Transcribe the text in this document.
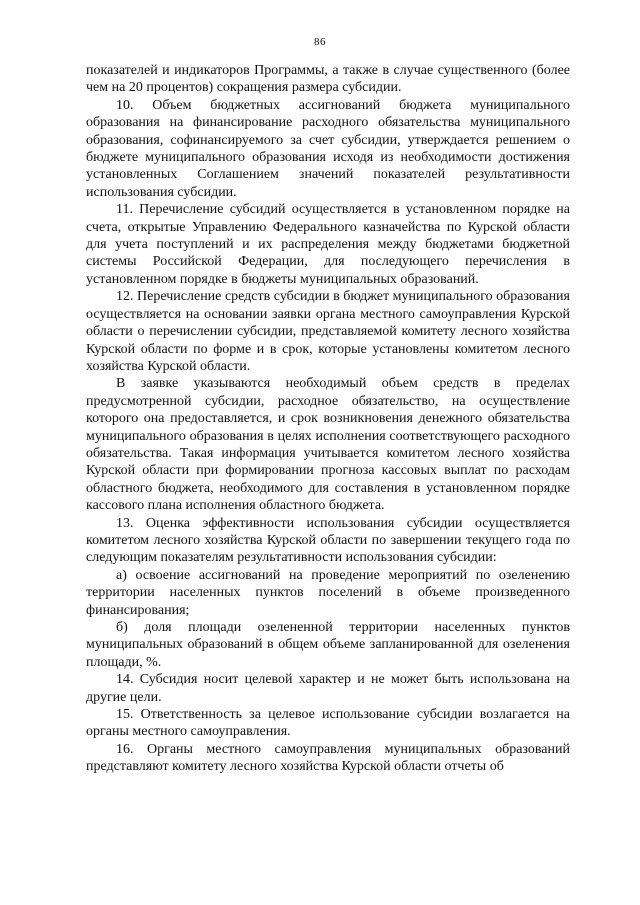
86

показателей и индикаторов Программы, а также в случае существенного (более чем на 20 процентов) сокращения размера субсидии.

10. Объем бюджетных ассигнований бюджета муниципального образования на финансирование расходного обязательства муниципального образования, софинансируемого за счет субсидии, утверждается решением о бюджете муниципального образования исходя из необходимости достижения установленных Соглашением значений показателей результативности использования субсидии.

11. Перечисление субсидий осуществляется в установленном порядке на счета, открытые Управлению Федерального казначейства по Курской области для учета поступлений и их распределения между бюджетами бюджетной системы Российской Федерации, для последующего перечисления в установленном порядке в бюджеты муниципальных образований.

12. Перечисление средств субсидии в бюджет муниципального образования осуществляется на основании заявки органа местного самоуправления Курской области о перечислении субсидии, представляемой комитету лесного хозяйства Курской области по форме и в срок, которые установлены комитетом лесного хозяйства Курской области.

В заявке указываются необходимый объем средств в пределах предусмотренной субсидии, расходное обязательство, на осуществление которого она предоставляется, и срок возникновения денежного обязательства муниципального образования в целях исполнения соответствующего расходного обязательства. Такая информация учитывается комитетом лесного хозяйства Курской области при формировании прогноза кассовых выплат по расходам областного бюджета, необходимого для составления в установленном порядке кассового плана исполнения областного бюджета.

13. Оценка эффективности использования субсидии осуществляется комитетом лесного хозяйства Курской области по завершении текущего года по следующим показателям результативности использования субсидии:

а) освоение ассигнований на проведение мероприятий по озеленению территории населенных пунктов поселений в объеме произведенного финансирования;

б) доля площади озелененной территории населенных пунктов муниципальных образований в общем объеме запланированной для озеленения площади, %.

14. Субсидия носит целевой характер и не может быть использована на другие цели.

15. Ответственность за целевое использование субсидии возлагается на органы местного самоуправления.

16. Органы местного самоуправления муниципальных образований представляют комитету лесного хозяйства Курской области отчеты об
